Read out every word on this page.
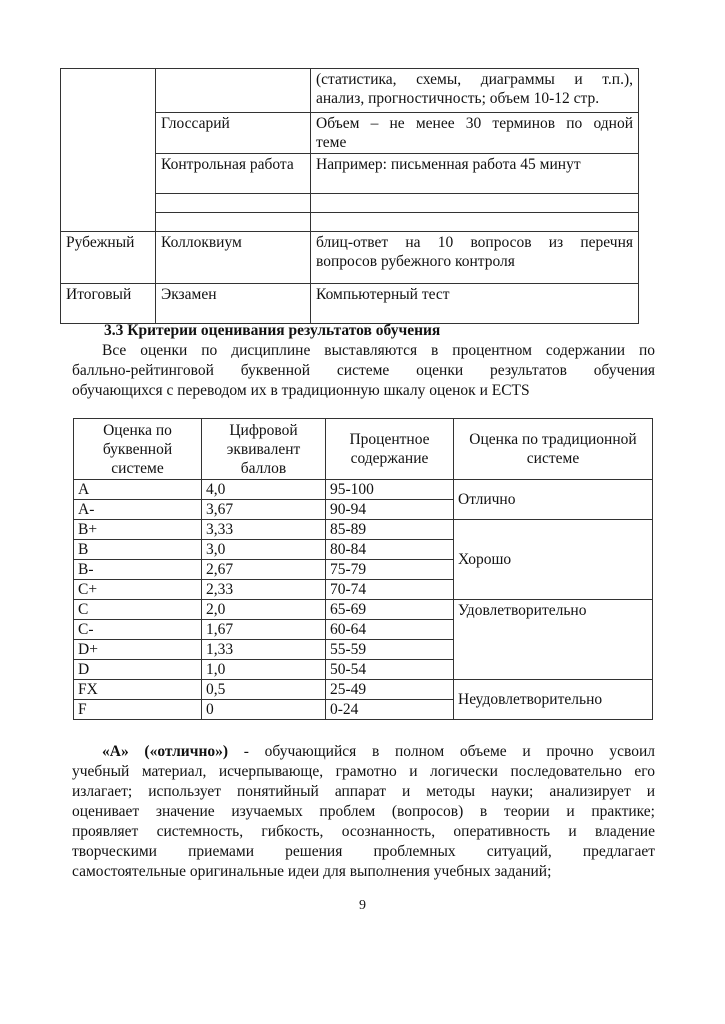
		(статистика, схемы, диаграммы и т.п.),
анализ, прогностичность; объем 10-12 стр.

	Глоссарий	Объем – не менее 30 терминов по одной
теме

	Контрольная работа	Например: письменная работа 45 минут

Рубежный	Коллоквиум	блиц-ответ на 10 вопросов из перечня
вопросов рубежного контроля

Итоговый	Экзамен	Компьютерный тест
3.3 Критерии оценивания результатов обучения
Все оценки по дисциплине выставляются в процентном содержании по
балльно-рейтинговой буквенной системе оценки результатов обучения
обучающихся с переводом их в традиционную шкалу оценок и ECTS
Оценка по буквенной системе	Цифровой эквивалент баллов	Процентное содержание	Оценка по традиционной системе
A	4,0	95-100	Отлично
A-	3,67	90-94	
B+	3,33	85-89	Хорошо
B	3,0	80-84	
B-	2,67	75-79	
C+	2,33	70-74	
C	2,0	65-69	Удовлетворительно
C-	1,67	60-64	
D+	1,33	55-59	
D	1,0	50-54	
FX	0,5	25-49	Неудовлетворительно
F	0	0-24	
«А» («отлично») - обучающийся в полном объеме и прочно усвоил
учебный материал, исчерпывающе, грамотно и логически последовательно его
излагает; использует понятийный аппарат и методы науки; анализирует и
оценивает значение изучаемых проблем (вопросов) в теории и практике;
проявляет системность, гибкость, осознанность, оперативность и владение
творческими приемами решения проблемных ситуаций, предлагает
самостоятельные оригинальные идеи для выполнения учебных заданий;
9
